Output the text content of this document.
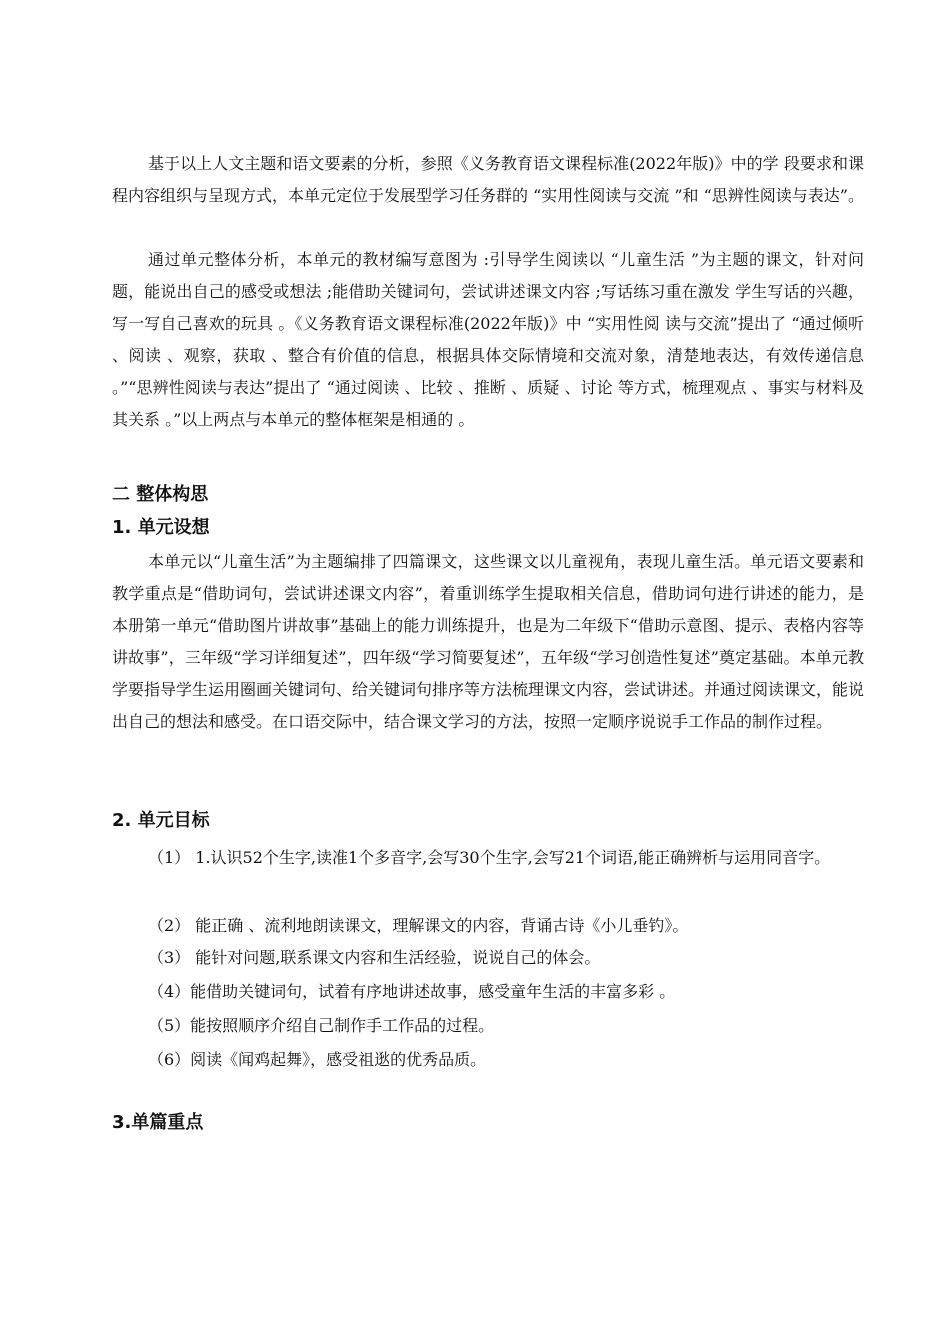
基于以上人文主题和语文要素的分析，参照《义务教育语文课程标准(2022年版)》中的学 段要求和课程内容组织与呈现方式，本单元定位于发展型学习任务群的 “实用性阅读与交流 ”和 “思辨性阅读与表达”。

通过单元整体分析，本单元的教材编写意图为 :引导学生阅读以 “儿童生活 ”为主题的课文，针对问题，能说出自己的感受或想法 ;能借助关键词句，尝试讲述课文内容 ;写话练习重在激发 学生写话的兴趣，写一写自己喜欢的玩具 。《义务教育语文课程标准(2022年版)》中 “实用性阅 读与交流”提出了 “通过倾听 、阅读 、观察，获取 、整合有价值的信息，根据具体交际情境和交流对象，清楚地表达，有效传递信息 。”“思辨性阅读与表达”提出了 “通过阅读 、比较 、推断 、质疑 、讨论 等方式，梳理观点 、事实与材料及其关系 。”以上两点与本单元的整体框架是相通的 。

二 整体构思
1. 单元设想

本单元以“儿童生活”为主题编排了四篇课文，这些课文以儿童视角，表现儿童生活。单元语文要素和教学重点是“借助词句，尝试讲述课文内容”，着重训练学生提取相关信息，借助词句进行讲述的能力，是本册第一单元“借助图片讲故事”基础上的能力训练提升，也是为二年级下“借助示意图、提示、表格内容等讲故事”，三年级“学习详细复述”，四年级“学习简要复述”，五年级“学习创造性复述”奠定基础。本单元教学要指导学生运用圈画关键词句、给关键词句排序等方法梳理课文内容，尝试讲述。并通过阅读课文，能说出自己的想法和感受。在口语交际中，结合课文学习的方法，按照一定顺序说说手工作品的制作过程。

2. 单元目标

（1） 1.认识52个生字,读准1个多音字,会写30个生字,会写21个词语,能正确辨析与运用同音字。

（2） 能正确 、流利地朗读课文，理解课文的内容，背诵古诗《小儿垂钓》。

（3） 能针对问题,联系课文内容和生活经验，说说自己的体会。

（4）能借助关键词句，试着有序地讲述故事，感受童年生活的丰富多彩 。

（5）能按照顺序介绍自己制作手工作品的过程。

（6）阅读《闻鸡起舞》，感受祖逖的优秀品质。

3.单篇重点
